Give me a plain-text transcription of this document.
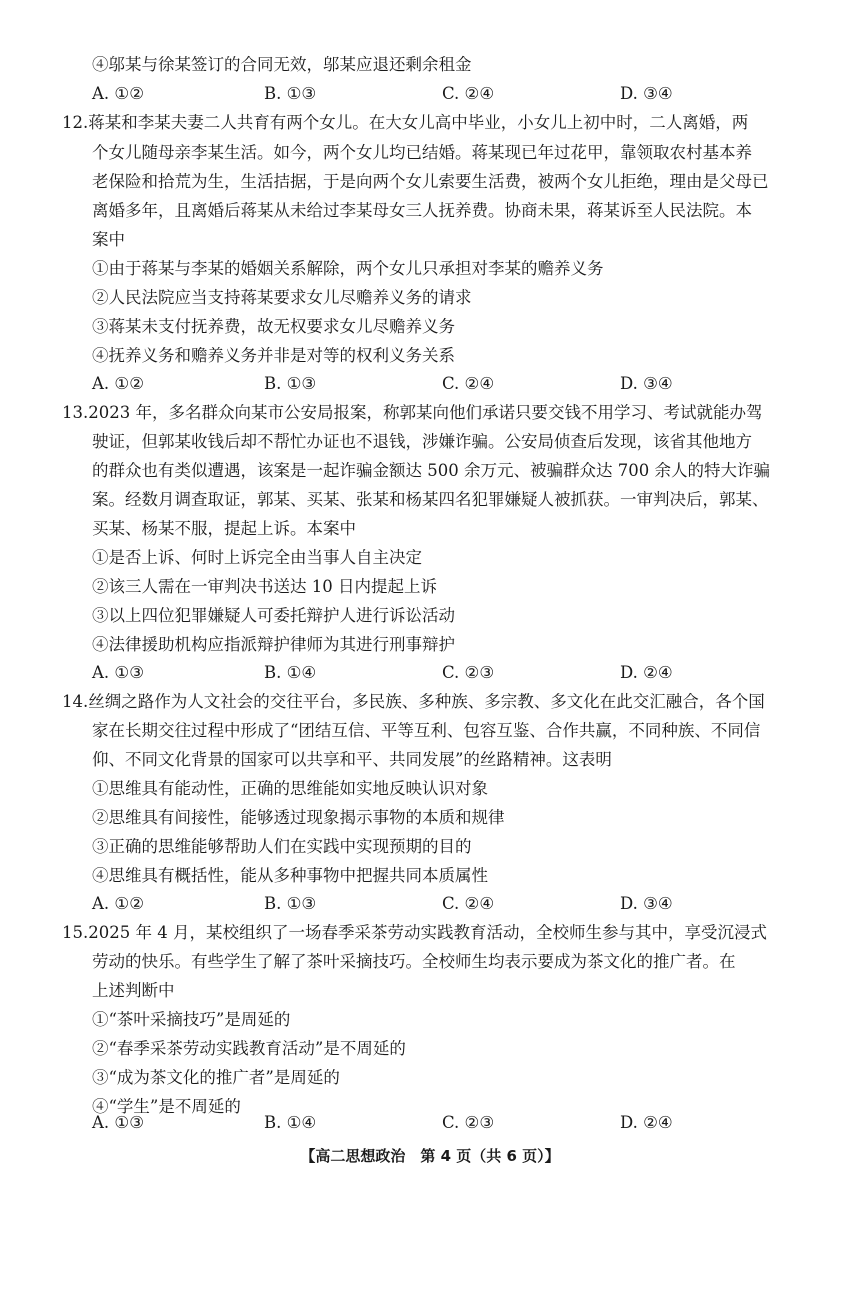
④邬某与徐某签订的合同无效，邬某应退还剩余租金
A. ①②	B. ①③	C. ②④	D. ③④
12.蒋某和李某夫妻二人共育有两个女儿。在大女儿高中毕业，小女儿上初中时，二人离婚，两
个女儿随母亲李某生活。如今，两个女儿均已结婚。蒋某现已年过花甲，靠领取农村基本养
老保险和拾荒为生，生活拮据，于是向两个女儿索要生活费，被两个女儿拒绝，理由是父母已
离婚多年，且离婚后蒋某从未给过李某母女三人抚养费。协商未果，蒋某诉至人民法院。本
案中
①由于蒋某与李某的婚姻关系解除，两个女儿只承担对李某的赡养义务
②人民法院应当支持蒋某要求女儿尽赡养义务的请求
③蒋某未支付抚养费，故无权要求女儿尽赡养义务
④抚养义务和赡养义务并非是对等的权利义务关系
A. ①②	B. ①③	C. ②④	D. ③④
13.2023 年，多名群众向某市公安局报案，称郭某向他们承诺只要交钱不用学习、考试就能办驾
驶证，但郭某收钱后却不帮忙办证也不退钱，涉嫌诈骗。公安局侦查后发现，该省其他地方
的群众也有类似遭遇，该案是一起诈骗金额达 500 余万元、被骗群众达 700 余人的特大诈骗
案。经数月调查取证，郭某、买某、张某和杨某四名犯罪嫌疑人被抓获。一审判决后，郭某、
买某、杨某不服，提起上诉。本案中
①是否上诉、何时上诉完全由当事人自主决定
②该三人需在一审判决书送达 10 日内提起上诉
③以上四位犯罪嫌疑人可委托辩护人进行诉讼活动
④法律援助机构应指派辩护律师为其进行刑事辩护
A. ①③	B. ①④	C. ②③	D. ②④
14.丝绸之路作为人文社会的交往平台，多民族、多种族、多宗教、多文化在此交汇融合，各个国
家在长期交往过程中形成了“团结互信、平等互利、包容互鉴、合作共赢，不同种族、不同信
仰、不同文化背景的国家可以共享和平、共同发展”的丝路精神。这表明
①思维具有能动性，正确的思维能如实地反映认识对象
②思维具有间接性，能够透过现象揭示事物的本质和规律
③正确的思维能够帮助人们在实践中实现预期的目的
④思维具有概括性，能从多种事物中把握共同本质属性
A. ①②	B. ①③	C. ②④	D. ③④
15.2025 年 4 月，某校组织了一场春季采茶劳动实践教育活动，全校师生参与其中，享受沉浸式
劳动的快乐。有些学生了解了茶叶采摘技巧。全校师生均表示要成为茶文化的推广者。在
上述判断中
①“茶叶采摘技巧”是周延的
②“春季采茶劳动实践教育活动”是不周延的
③“成为茶文化的推广者”是周延的
④“学生”是不周延的
A. ①③	B. ①④	C. ②③	D. ②④
【高二思想政治　第 4 页（共 6 页）】
